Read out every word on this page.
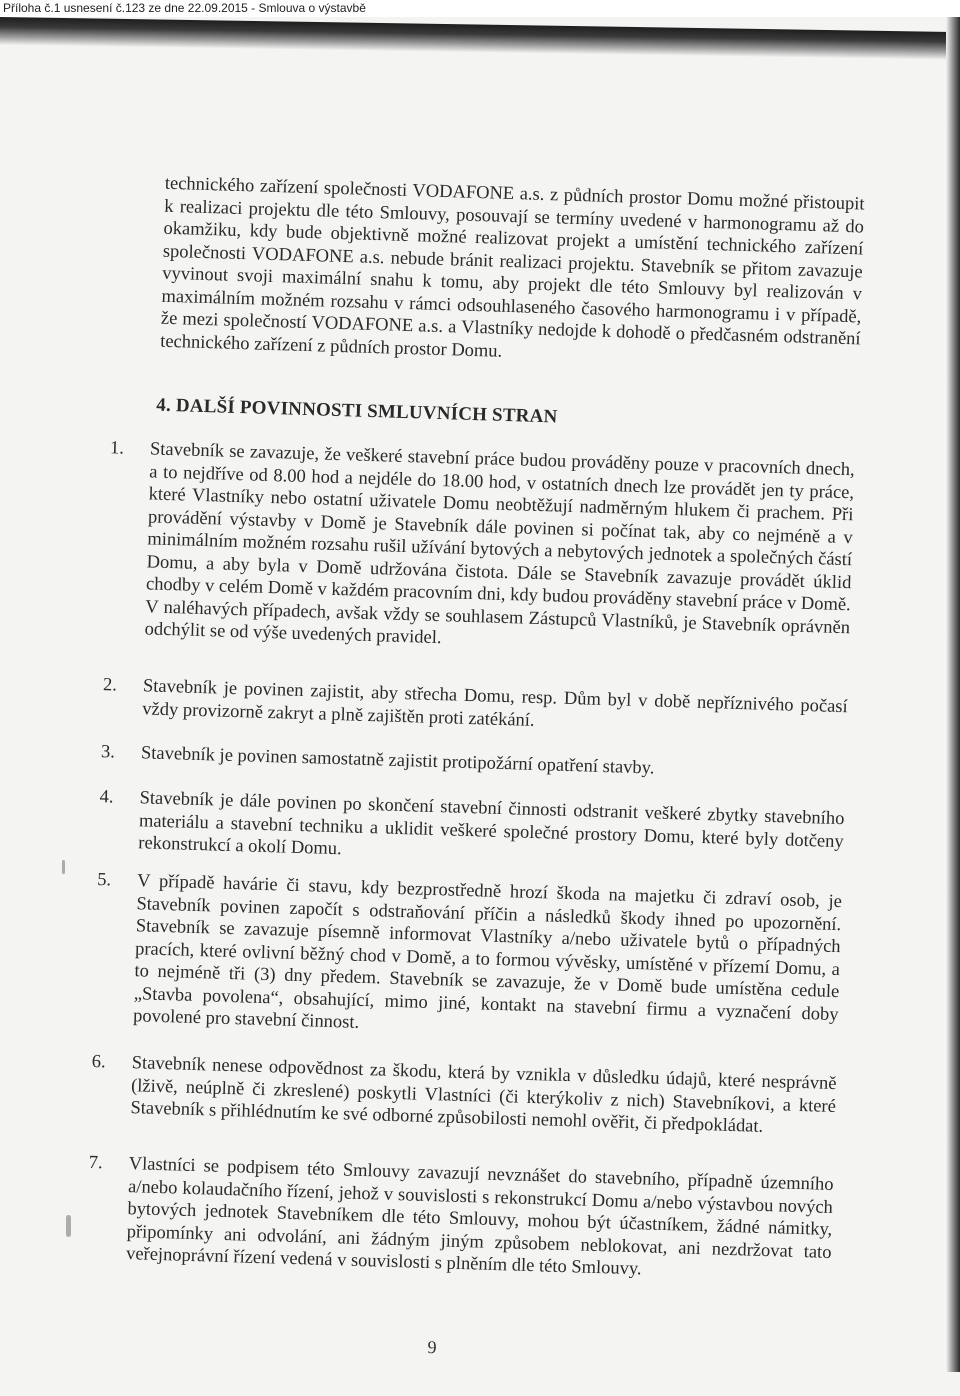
Příloha č.1 usnesení č.123 ze dne 22.09.2015 - Smlouva o výstavbě
technického zařízení společnosti VODAFONE a.s. z půdních prostor Domu možné přistoupit k realizaci projektu dle této Smlouvy, posouvají se termíny uvedené v harmonogramu až do okamžiku, kdy bude objektivně možné realizovat projekt a umístění technického zařízení společnosti VODAFONE a.s. nebude bránit realizaci projektu. Stavebník se přitom zavazuje vyvinout svoji maximální snahu k tomu, aby projekt dle této Smlouvy byl realizován v maximálním možném rozsahu v rámci odsouhlaseného časového harmonogramu i v případě, že mezi společností VODAFONE a.s. a Vlastníky nedojde k dohodě o předčasném odstranění technického zařízení z půdních prostor Domu.
4. DALŠÍ POVINNOSTI SMLUVNÍCH STRAN
1.	Stavebník se zavazuje, že veškeré stavební práce budou prováděny pouze v pracovních dnech, a to nejdříve od 8.00 hod a nejdéle do 18.00 hod, v ostatních dnech lze provádět jen ty práce, které Vlastníky nebo ostatní uživatele Domu neobtěžují nadměrným hlukem či prachem. Při provádění výstavby v Domě je Stavebník dále povinen si počínat tak, aby co nejméně a v minimálním možném rozsahu rušil užívání bytových a nebytových jednotek a společných částí Domu, a aby byla v Domě udržována čistota. Dále se Stavebník zavazuje provádět úklid chodby v celém Domě v každém pracovním dni, kdy budou prováděny stavební práce v Domě. V naléhavých případech, avšak vždy se souhlasem Zástupců Vlastníků, je Stavebník oprávněn odchýlit se od výše uvedených pravidel.
2.	Stavebník je povinen zajistit, aby střecha Domu, resp. Dům byl v době nepříznivého počasí vždy provizorně zakryt a plně zajištěn proti zatékání.
3.	Stavebník je povinen samostatně zajistit protipožární opatření stavby.
4.	Stavebník je dále povinen po skončení stavební činnosti odstranit veškeré zbytky stavebního materiálu a stavební techniku a uklidit veškeré společné prostory Domu, které byly dotčeny rekonstrukcí a okolí Domu.
5.	V případě havárie či stavu, kdy bezprostředně hrozí škoda na majetku či zdraví osob, je Stavebník povinen započít s odstraňování příčin a následků škody ihned po upozornění. Stavebník se zavazuje písemně informovat Vlastníky a/nebo uživatele bytů o případných pracích, které ovlivní běžný chod v Domě, a to formou vývěsky, umístěné v přízemí Domu, a to nejméně tři (3) dny předem. Stavebník se zavazuje, že v Domě bude umístěna cedule „Stavba povolena“, obsahující, mimo jiné, kontakt na stavební firmu a vyznačení doby povolené pro stavební činnost.
6.	Stavebník nenese odpovědnost za škodu, která by vznikla v důsledku údajů, které nesprávně (lživě, neúplně či zkreslené) poskytli Vlastníci (či kterýkoliv z nich) Stavebníkovi, a které Stavebník s přihlédnutím ke své odborné způsobilosti nemohl ověřit, či předpokládat.
7.	Vlastníci se podpisem této Smlouvy zavazují nevznášet do stavebního, případně územního a/nebo kolaudačního řízení, jehož v souvislosti s rekonstrukcí Domu a/nebo výstavbou nových bytových jednotek Stavebníkem dle této Smlouvy, mohou být účastníkem, žádné námitky, připomínky ani odvolání, ani žádným jiným způsobem neblokovat, ani nezdržovat tato veřejnoprávní řízení vedená v souvislosti s plněním dle této Smlouvy.
9
